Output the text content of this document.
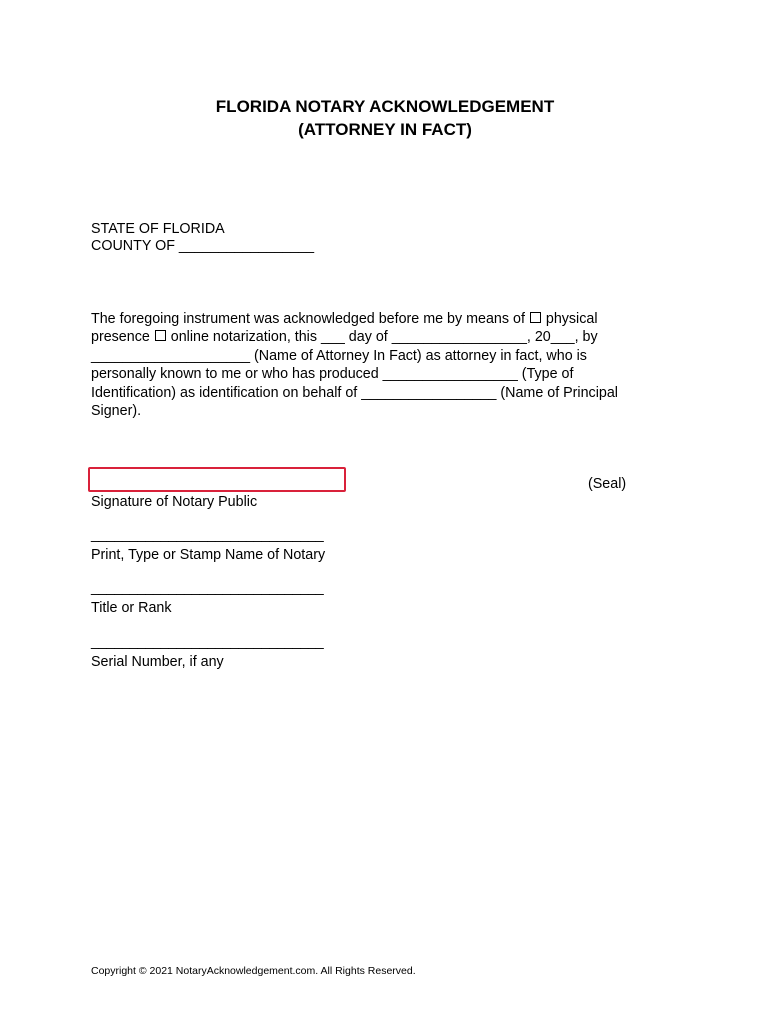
FLORIDA NOTARY ACKNOWLEDGEMENT
(ATTORNEY IN FACT)
STATE OF FLORIDA
COUNTY OF _________________
The foregoing instrument was acknowledged before me by means of  physical
presence  online notarization, this ___ day of _________________, 20___, by
____________________ (Name of Attorney In Fact) as attorney in fact, who is
personally known to me or who has produced _________________ (Type of
Identification) as identification on behalf of _________________ (Name of Principal
Signer).
(Seal)
Signature of Notary Public
______________________________
Print, Type or Stamp Name of Notary
______________________________
Title or Rank
______________________________
Serial Number, if any
Copyright © 2021 NotaryAcknowledgement.com. All Rights Reserved.
